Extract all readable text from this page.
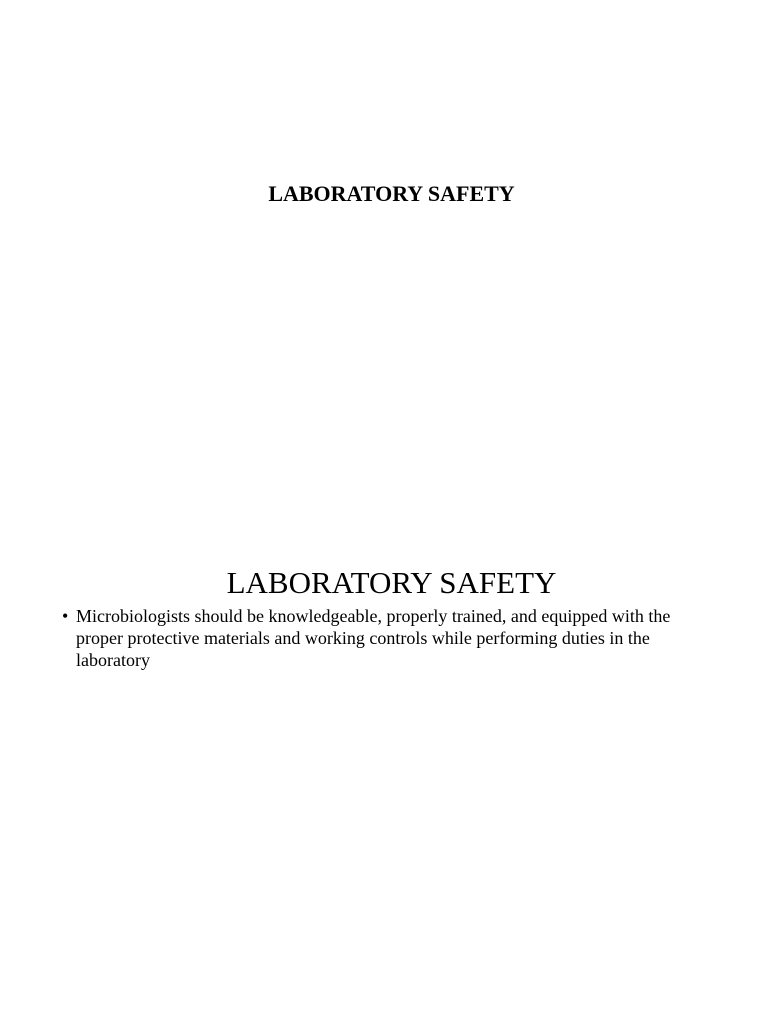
LABORATORY SAFETY
LABORATORY SAFETY
• Microbiologists should be knowledgeable, properly trained, and equipped with the proper protective materials and working controls while performing duties in the laboratory
